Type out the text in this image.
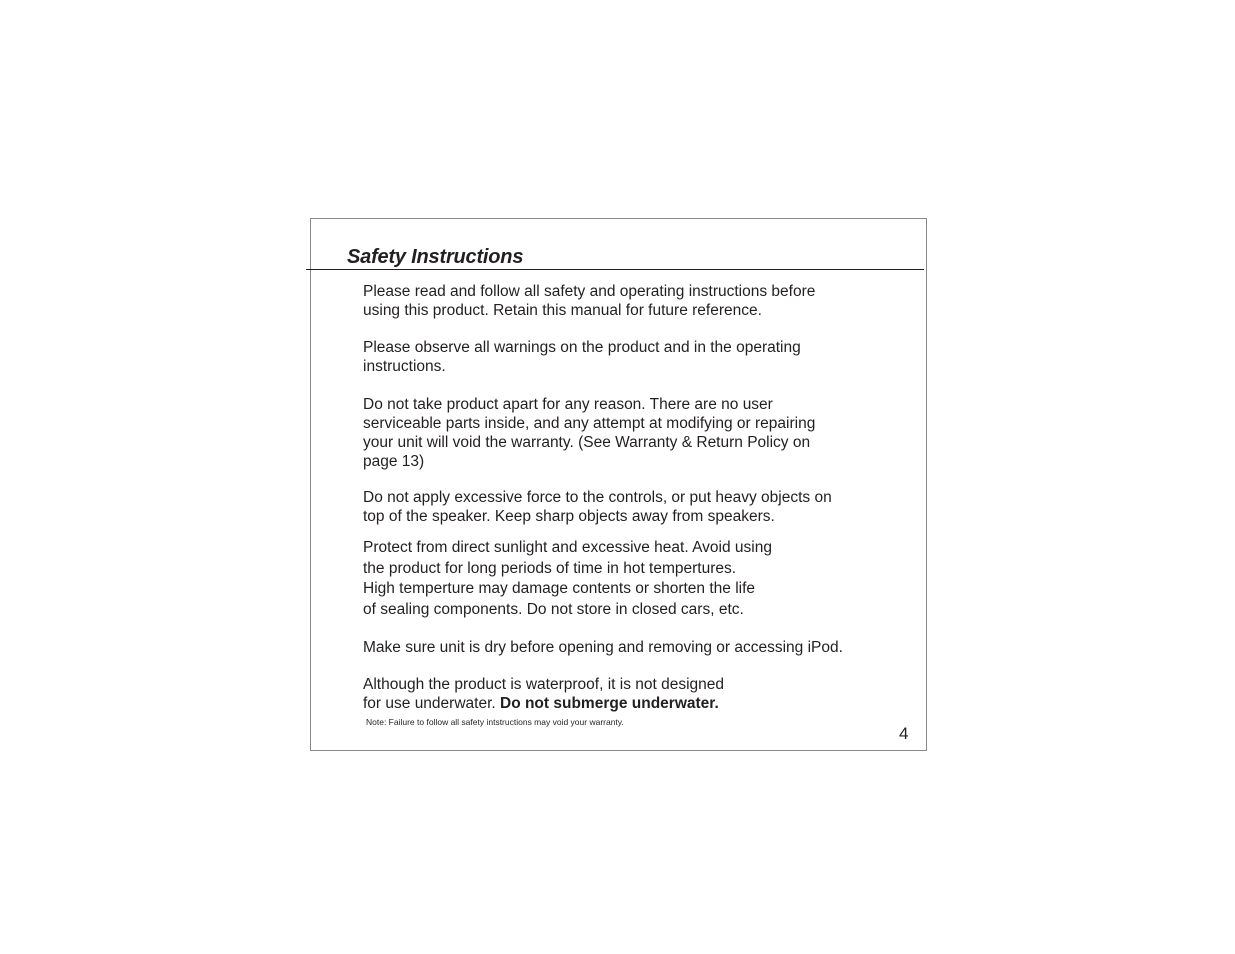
Safety Instructions

Please read and follow all safety and operating instructions before
using this product. Retain this manual for future reference.

Please observe all warnings on the product and in the operating
instructions.

Do not take product apart for any reason. There are no user
serviceable parts inside, and any attempt at modifying or repairing
your unit will void the warranty. (See Warranty & Return Policy on
page 13)

Do not apply excessive force to the controls, or put heavy objects on
top of the speaker. Keep sharp objects away from speakers.

Protect from direct sunlight and excessive heat. Avoid using
the product for long periods of time in hot tempertures.
High temperture may damage contents or shorten the life
of sealing components. Do not store in closed cars, etc.

Make sure unit is dry before opening and removing or accessing iPod.

Although the product is waterproof, it is not designed
for use underwater. Do not submerge underwater.

Note: Failure to follow all safety intstructions may void your warranty.
4
